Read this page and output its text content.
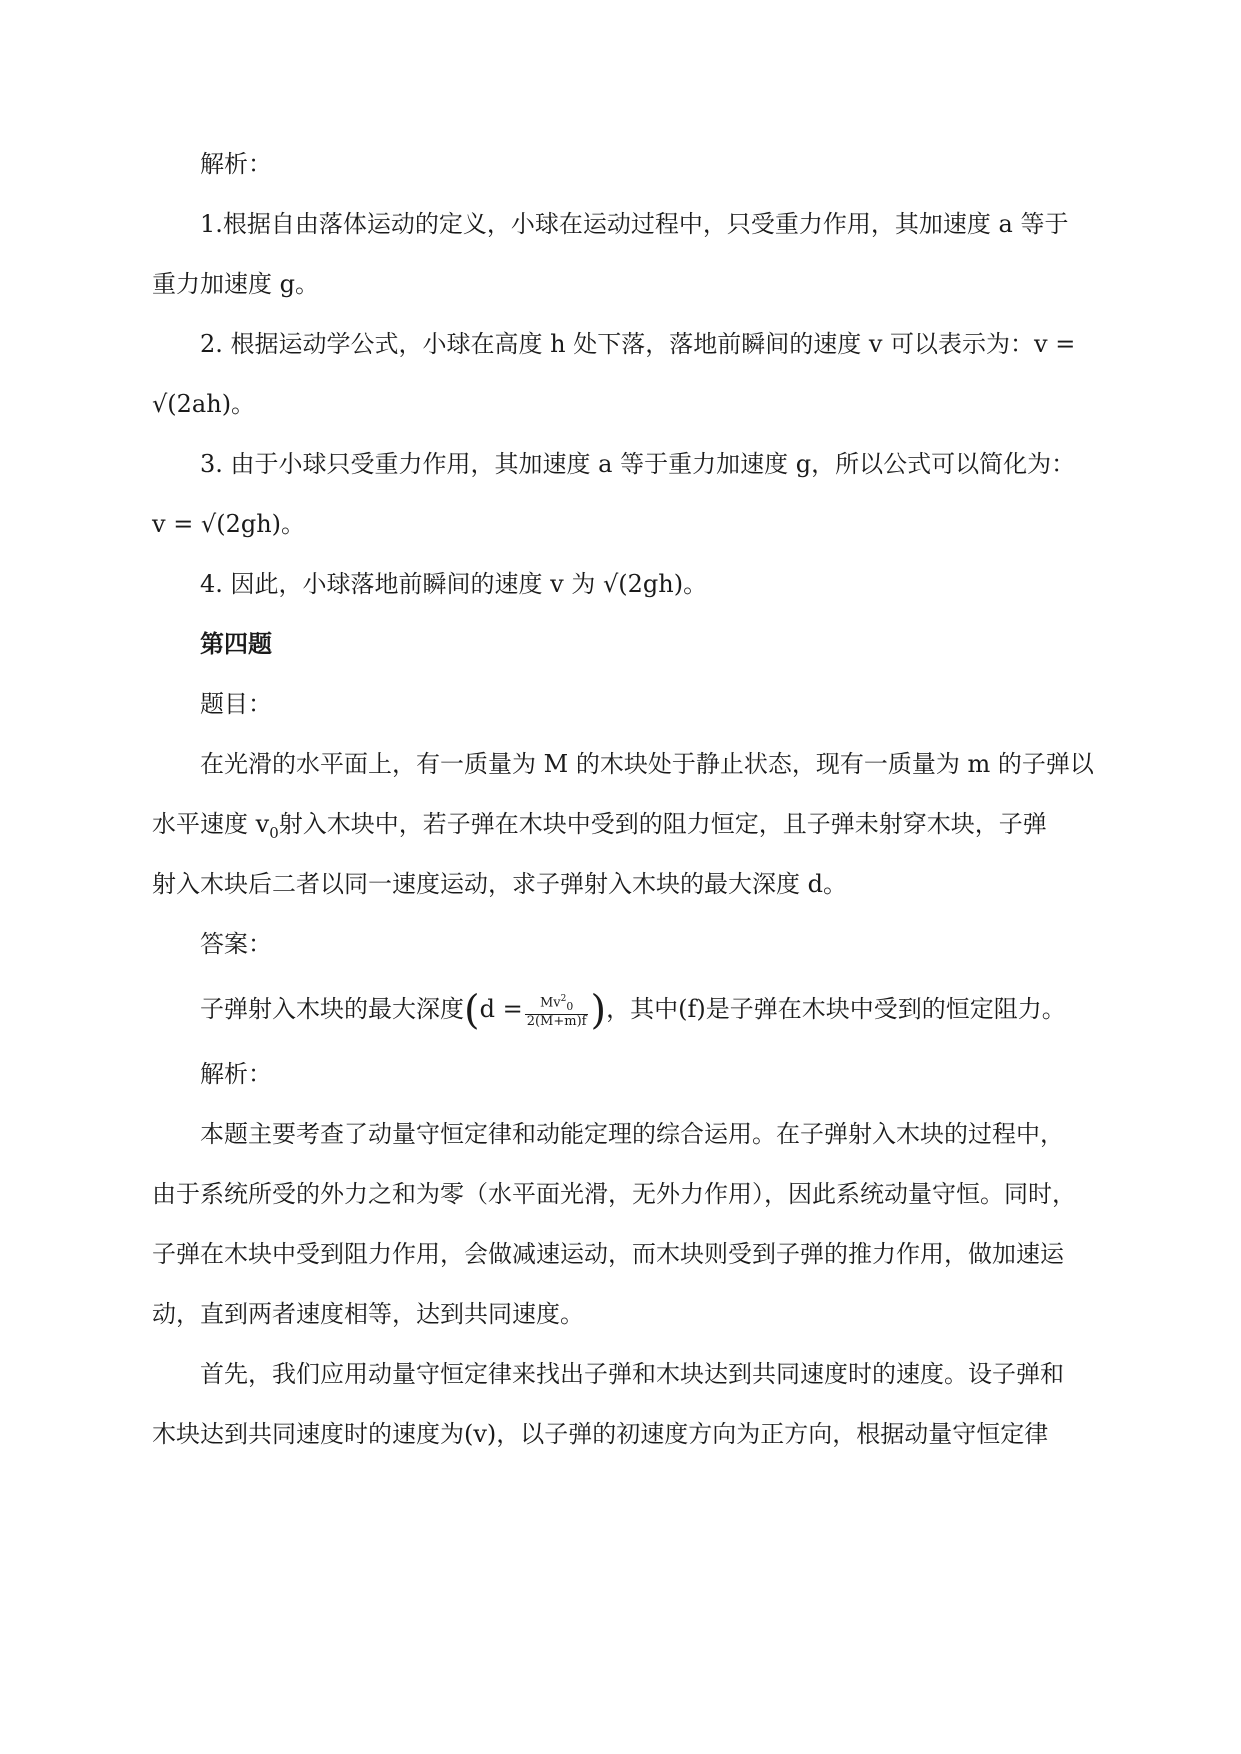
解析：
1.根据自由落体运动的定义，小球在运动过程中，只受重力作用，其加速度 a 等于
重力加速度 g。
2. 根据运动学公式，小球在高度 h 处下落，落地前瞬间的速度 v 可以表示为：v =
√(2ah)。
3. 由于小球只受重力作用，其加速度 a 等于重力加速度 g，所以公式可以简化为：
v = √(2gh)。
4. 因此，小球落地前瞬间的速度 v 为 √(2gh)。
第四题
题目：
在光滑的水平面上，有一质量为 M 的木块处于静止状态，现有一质量为 m 的子弹以
水平速度 $v_0$射入木块中，若子弹在木块中受到的阻力恒定，且子弹未射穿木块，子弹
射入木块后二者以同一速度运动，求子弹射入木块的最大深度 d。
答案：
子弹射入木块的最大深度($d = \frac{Mv^2_0}{2(M+m)f}$ )，其中(f)是子弹在木块中受到的恒定阻力。
解析：
本题主要考查了动量守恒定律和动能定理的综合运用。在子弹射入木块的过程中，
由于系统所受的外力之和为零（水平面光滑，无外力作用），因此系统动量守恒。同时，
子弹在木块中受到阻力作用，会做减速运动，而木块则受到子弹的推力作用，做加速运
动，直到两者速度相等，达到共同速度。
首先，我们应用动量守恒定律来找出子弹和木块达到共同速度时的速度。设子弹和
木块达到共同速度时的速度为(v)，以子弹的初速度方向为正方向，根据动量守恒定律
